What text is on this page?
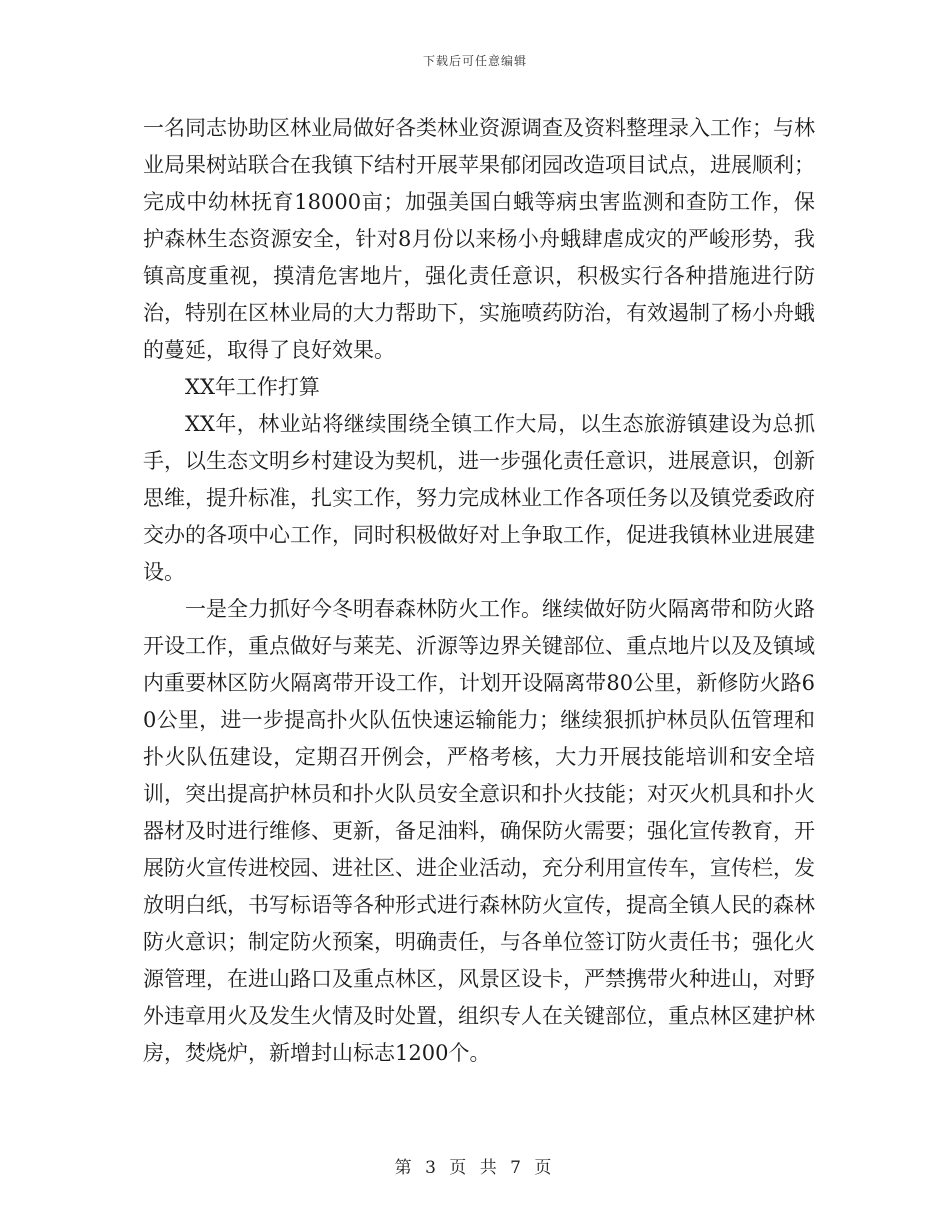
下载后可任意编辑

一名同志协助区林业局做好各类林业资源调查及资料整理录入工作；与林业局果树站联合在我镇下结村开展苹果郁闭园改造项目试点，进展顺利；完成中幼林抚育18000亩；加强美国白蛾等病虫害监测和查防工作，保护森林生态资源安全，针对8月份以来杨小舟蛾肆虐成灾的严峻形势，我镇高度重视，摸清危害地片，强化责任意识，积极实行各种措施进行防治，特别在区林业局的大力帮助下，实施喷药防治，有效遏制了杨小舟蛾的蔓延，取得了良好效果。

XX年工作打算

XX年，林业站将继续围绕全镇工作大局，以生态旅游镇建设为总抓手，以生态文明乡村建设为契机，进一步强化责任意识，进展意识，创新思维，提升标准，扎实工作，努力完成林业工作各项任务以及镇党委政府交办的各项中心工作，同时积极做好对上争取工作，促进我镇林业进展建设。

一是全力抓好今冬明春森林防火工作。继续做好防火隔离带和防火路开设工作，重点做好与莱芜、沂源等边界关键部位、重点地片以及及镇域内重要林区防火隔离带开设工作，计划开设隔离带80公里，新修防火路60公里，进一步提高扑火队伍快速运输能力；继续狠抓护林员队伍管理和扑火队伍建设，定期召开例会，严格考核，大力开展技能培训和安全培训，突出提高护林员和扑火队员安全意识和扑火技能；对灭火机具和扑火器材及时进行维修、更新，备足油料，确保防火需要；强化宣传教育，开展防火宣传进校园、进社区、进企业活动，充分利用宣传车，宣传栏，发放明白纸，书写标语等各种形式进行森林防火宣传，提高全镇人民的森林防火意识；制定防火预案，明确责任，与各单位签订防火责任书；强化火源管理，在进山路口及重点林区，风景区设卡，严禁携带火种进山，对野外违章用火及发生火情及时处置，组织专人在关键部位，重点林区建护林房，焚烧炉，新增封山标志1200个。

第 3 页 共 7 页
